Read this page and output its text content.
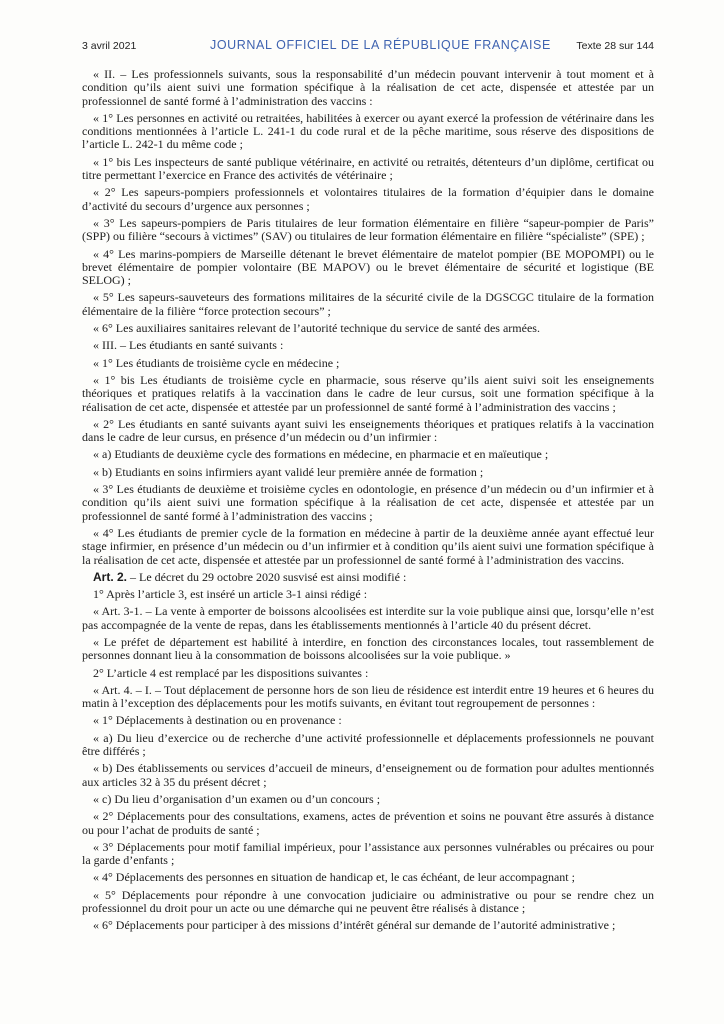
3 avril 2021	JOURNAL OFFICIEL DE LA RÉPUBLIQUE FRANÇAISE Texte 28 sur 144

« II. – Les professionnels suivants, sous la responsabilité d’un médecin pouvant intervenir à tout moment et à condition qu’ils aient suivi une formation spécifique à la réalisation de cet acte, dispensée et attestée par un professionnel de santé formé à l’administration des vaccins :

« 1° Les personnes en activité ou retraitées, habilitées à exercer ou ayant exercé la profession de vétérinaire dans les conditions mentionnées à l’article L. 241-1 du code rural et de la pêche maritime, sous réserve des dispositions de l’article L. 242-1 du même code ;

« 1° bis Les inspecteurs de santé publique vétérinaire, en activité ou retraités, détenteurs d’un diplôme, certificat ou titre permettant l’exercice en France des activités de vétérinaire ;

« 2° Les sapeurs-pompiers professionnels et volontaires titulaires de la formation d’équipier dans le domaine d’activité du secours d’urgence aux personnes ;

« 3° Les sapeurs-pompiers de Paris titulaires de leur formation élémentaire en filière “sapeur-pompier de Paris” (SPP) ou filière “secours à victimes” (SAV) ou titulaires de leur formation élémentaire en filière “spécialiste” (SPE) ;

« 4° Les marins-pompiers de Marseille détenant le brevet élémentaire de matelot pompier (BE MOPOMPI) ou le brevet élémentaire de pompier volontaire (BE MAPOV) ou le brevet élémentaire de sécurité et logistique (BE SELOG) ;

« 5° Les sapeurs-sauveteurs des formations militaires de la sécurité civile de la DGSCGC titulaire de la formation élémentaire de la filière “force protection secours” ;

« 6° Les auxiliaires sanitaires relevant de l’autorité technique du service de santé des armées.

« III. – Les étudiants en santé suivants :

« 1° Les étudiants de troisième cycle en médecine ;

« 1° bis Les étudiants de troisième cycle en pharmacie, sous réserve qu’ils aient suivi soit les enseignements théoriques et pratiques relatifs à la vaccination dans le cadre de leur cursus, soit une formation spécifique à la réalisation de cet acte, dispensée et attestée par un professionnel de santé formé à l’administration des vaccins ;

« 2° Les étudiants en santé suivants ayant suivi les enseignements théoriques et pratiques relatifs à la vaccination dans le cadre de leur cursus, en présence d’un médecin ou d’un infirmier :

« a) Etudiants de deuxième cycle des formations en médecine, en pharmacie et en maïeutique ;

« b) Etudiants en soins infirmiers ayant validé leur première année de formation ;

« 3° Les étudiants de deuxième et troisième cycles en odontologie, en présence d’un médecin ou d’un infirmier et à condition qu’ils aient suivi une formation spécifique à la réalisation de cet acte, dispensée et attestée par un professionnel de santé formé à l’administration des vaccins ;

« 4° Les étudiants de premier cycle de la formation en médecine à partir de la deuxième année ayant effectué leur stage infirmier, en présence d’un médecin ou d’un infirmier et à condition qu’ils aient suivi une formation spécifique à la réalisation de cet acte, dispensée et attestée par un professionnel de santé formé à l’administration des vaccins.

Art. 2. – Le décret du 29 octobre 2020 susvisé est ainsi modifié :

1° Après l’article 3, est inséré un article 3-1 ainsi rédigé :

« Art. 3-1. – La vente à emporter de boissons alcoolisées est interdite sur la voie publique ainsi que, lorsqu’elle n’est pas accompagnée de la vente de repas, dans les établissements mentionnés à l’article 40 du présent décret.

« Le préfet de département est habilité à interdire, en fonction des circonstances locales, tout rassemblement de personnes donnant lieu à la consommation de boissons alcoolisées sur la voie publique. »

2° L’article 4 est remplacé par les dispositions suivantes :

« Art. 4. – I. – Tout déplacement de personne hors de son lieu de résidence est interdit entre 19 heures et 6 heures du matin à l’exception des déplacements pour les motifs suivants, en évitant tout regroupement de personnes :

« 1° Déplacements à destination ou en provenance :

« a) Du lieu d’exercice ou de recherche d’une activité professionnelle et déplacements professionnels ne pouvant être différés ;

« b) Des établissements ou services d’accueil de mineurs, d’enseignement ou de formation pour adultes mentionnés aux articles 32 à 35 du présent décret ;

« c) Du lieu d’organisation d’un examen ou d’un concours ;

« 2° Déplacements pour des consultations, examens, actes de prévention et soins ne pouvant être assurés à distance ou pour l’achat de produits de santé ;

« 3° Déplacements pour motif familial impérieux, pour l’assistance aux personnes vulnérables ou précaires ou pour la garde d’enfants ;

« 4° Déplacements des personnes en situation de handicap et, le cas échéant, de leur accompagnant ;

« 5° Déplacements pour répondre à une convocation judiciaire ou administrative ou pour se rendre chez un professionnel du droit pour un acte ou une démarche qui ne peuvent être réalisés à distance ;

« 6° Déplacements pour participer à des missions d’intérêt général sur demande de l’autorité administrative ;
